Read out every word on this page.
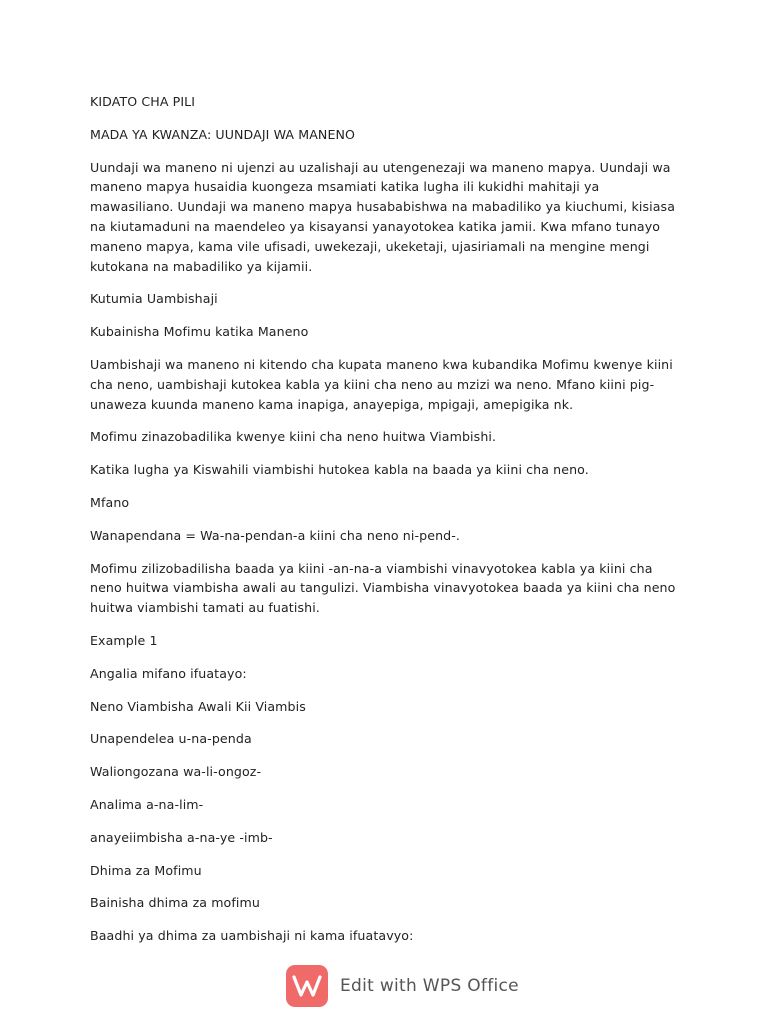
KIDATO CHA PILI

MADA YA KWANZA: UUNDAJI WA MANENO

Uundaji wa maneno ni ujenzi au uzalishaji au utengenezaji wa maneno mapya. Uundaji wa maneno mapya husaidia kuongeza msamiati katika lugha ili kukidhi mahitaji ya mawasiliano. Uundaji wa maneno mapya husababishwa na mabadiliko ya kiuchumi, kisiasa na kiutamaduni na maendeleo ya kisayansi yanayotokea katika jamii. Kwa mfano tunayo maneno mapya, kama vile ufisadi, uwekezaji, ukeketaji, ujasiriamali na mengine mengi kutokana na mabadiliko ya kijamii.

Kutumia Uambishaji

Kubainisha Mofimu katika Maneno

Uambishaji wa maneno ni kitendo cha kupata maneno kwa kubandika Mofimu kwenye kiini cha neno, uambishaji kutokea kabla ya kiini cha neno au mzizi wa neno. Mfano kiini pig- unaweza kuunda maneno kama inapiga, anayepiga, mpigaji, amepigika nk.

Mofimu zinazobadilika kwenye kiini cha neno huitwa Viambishi.

Katika lugha ya Kiswahili viambishi hutokea kabla na baada ya kiini cha neno.

Mfano

Wanapendana = Wa-na-pendan-a kiini cha neno ni-pend-.

Mofimu zilizobadilisha baada ya kiini -an-na-a viambishi vinavyotokea kabla ya kiini cha neno huitwa viambisha awali au tangulizi. Viambisha vinavyotokea baada ya kiini cha neno huitwa viambishi tamati au fuatishi.

Example 1

Angalia mifano ifuatayo:

Neno Viambisha Awali Kii Viambis

Unapendelea u-na-penda

Waliongozana wa-li-ongoz-

Analima a-na-lim-

anayeiimbisha a-na-ye -imb-

Dhima za Mofimu

Bainisha dhima za mofimu

Baadhi ya dhima za uambishaji ni kama ifuatavyo:

Edit with WPS Office
